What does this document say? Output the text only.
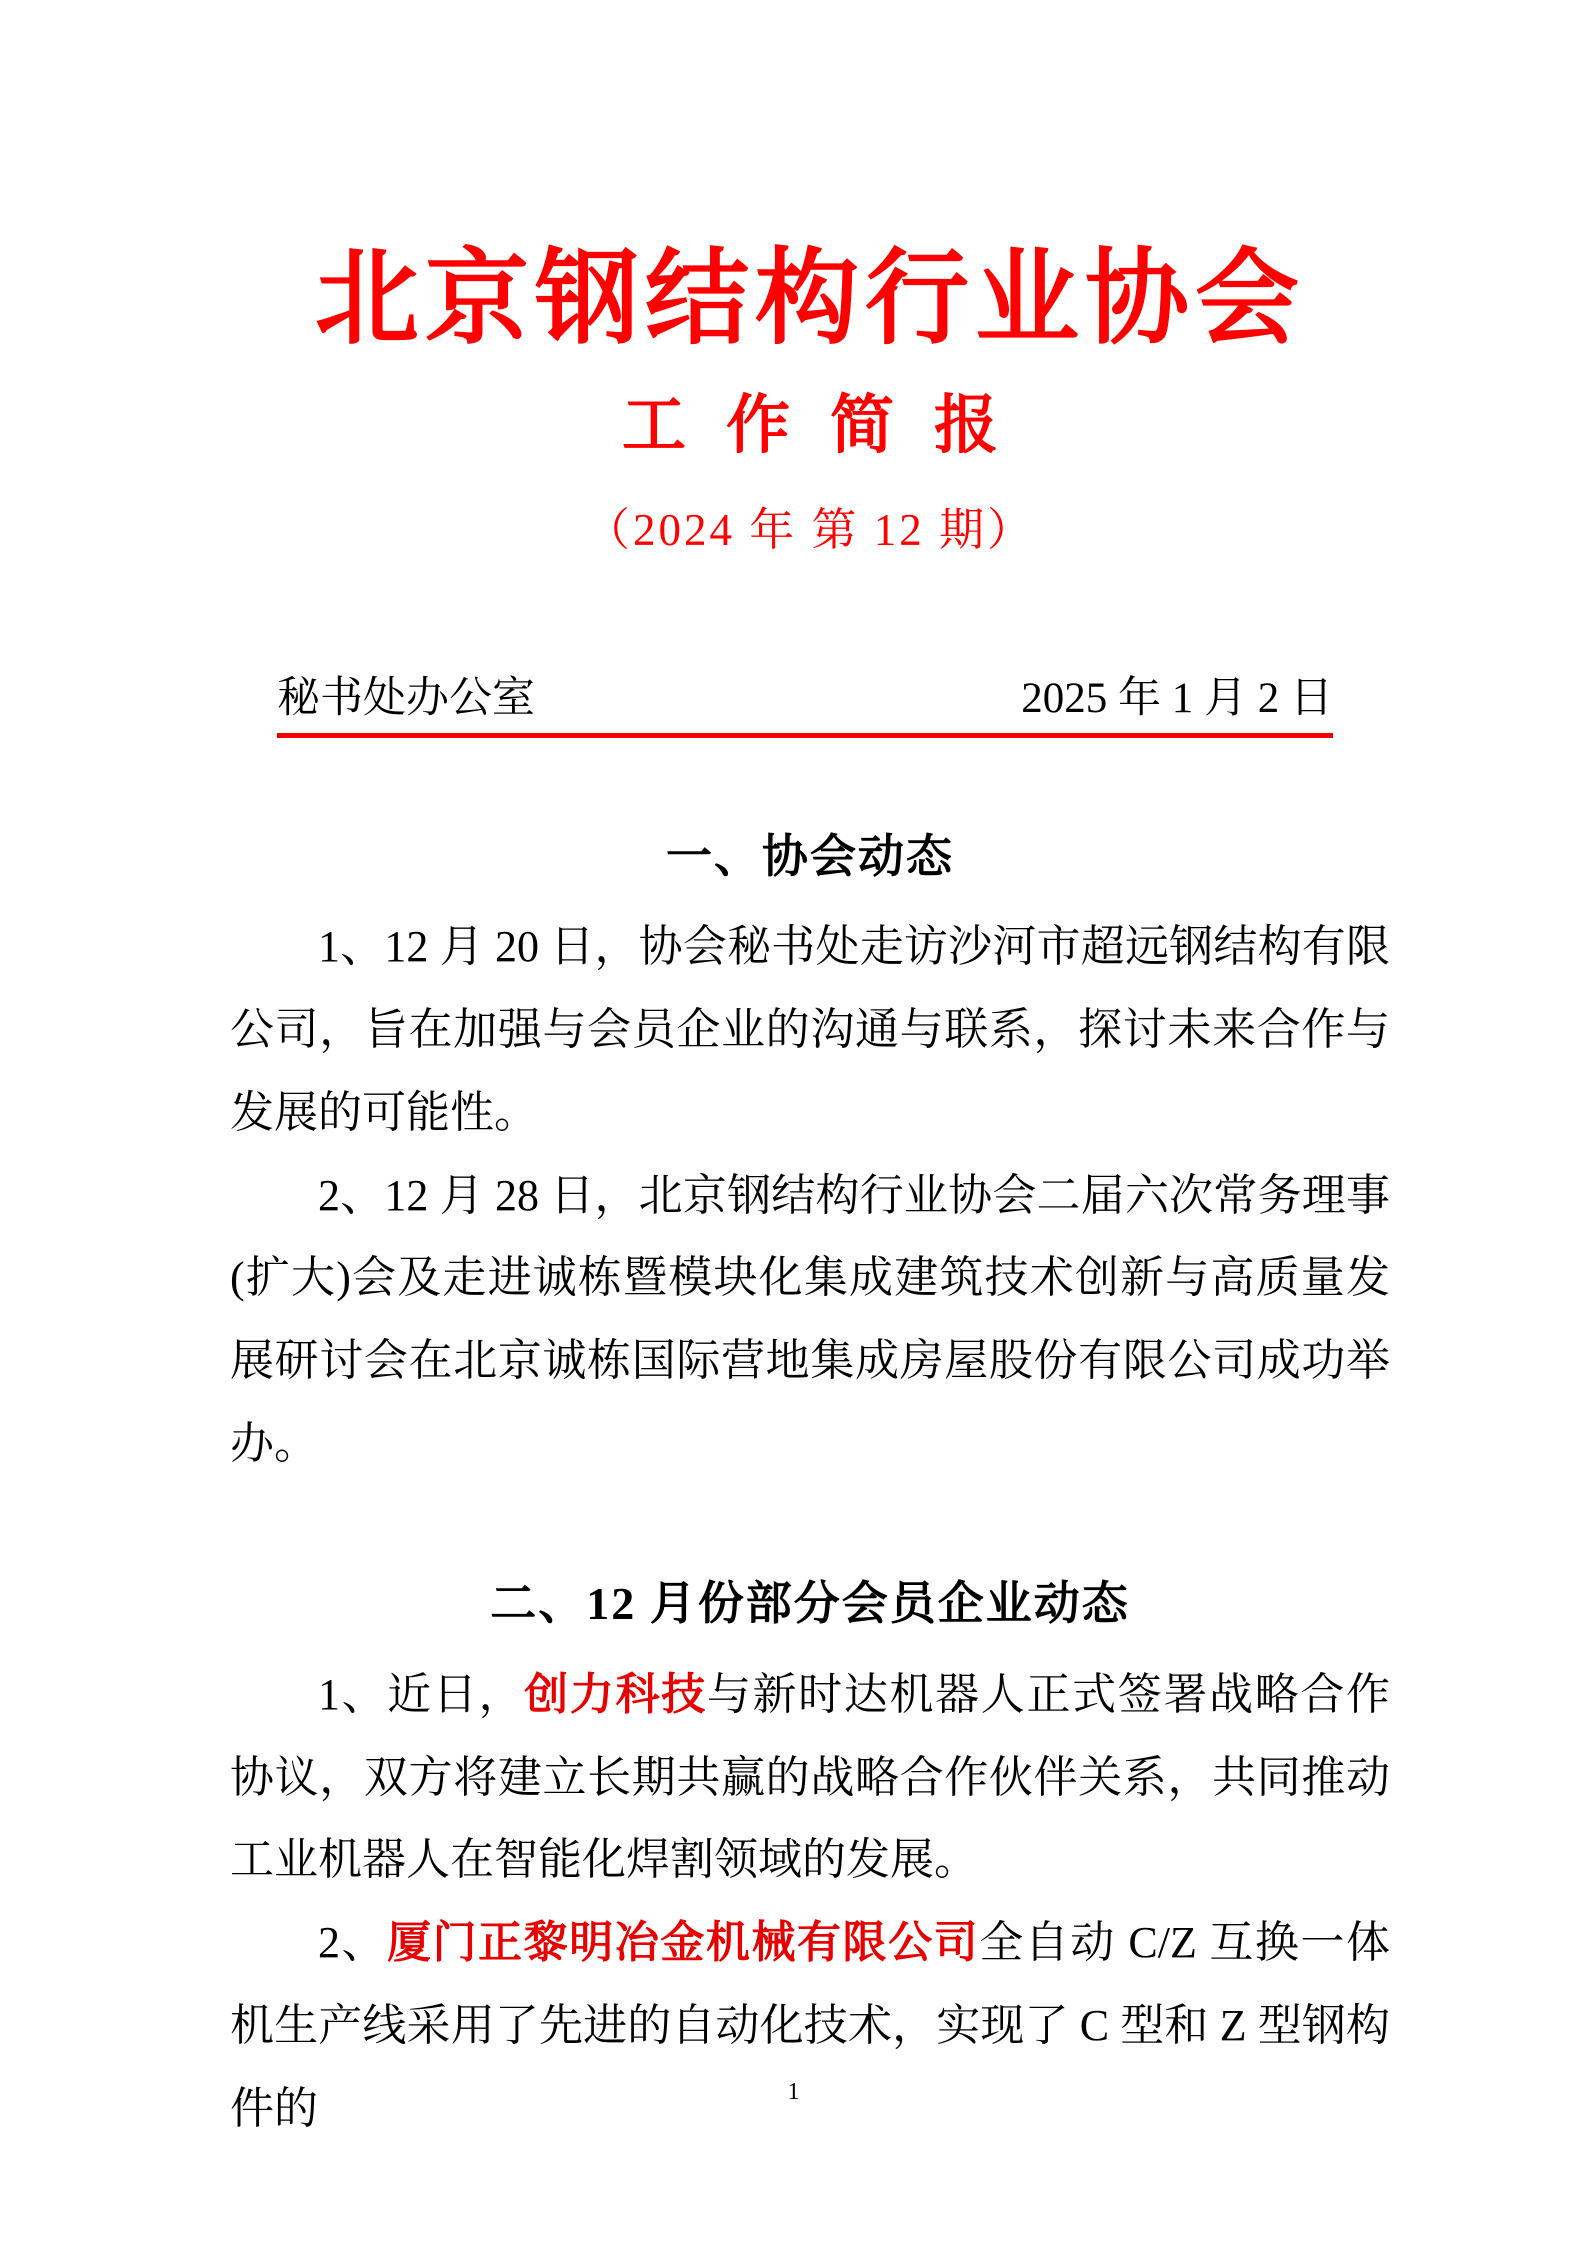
北京钢结构行业协会
工作简报
（2024 年 第 12 期）
秘书处办公室	2025 年 1 月 2 日
一、协会动态

1、12 月 20 日，协会秘书处走访沙河市超远钢结构有限公司，旨在加强与会员企业的沟通与联系，探讨未来合作与发展的可能性。

2、12 月 28 日，北京钢结构行业协会二届六次常务理事(扩大)会及走进诚栋暨模块化集成建筑技术创新与高质量发展研讨会在北京诚栋国际营地集成房屋股份有限公司成功举办。

二、12 月份部分会员企业动态

1、近日，创力科技与新时达机器人正式签署战略合作协议，双方将建立长期共赢的战略合作伙伴关系，共同推动工业机器人在智能化焊割领域的发展。

2、厦门正黎明冶金机械有限公司全自动 C/Z 互换一体机生产线采用了先进的自动化技术，实现了 C 型和 Z 型钢构件的	1
